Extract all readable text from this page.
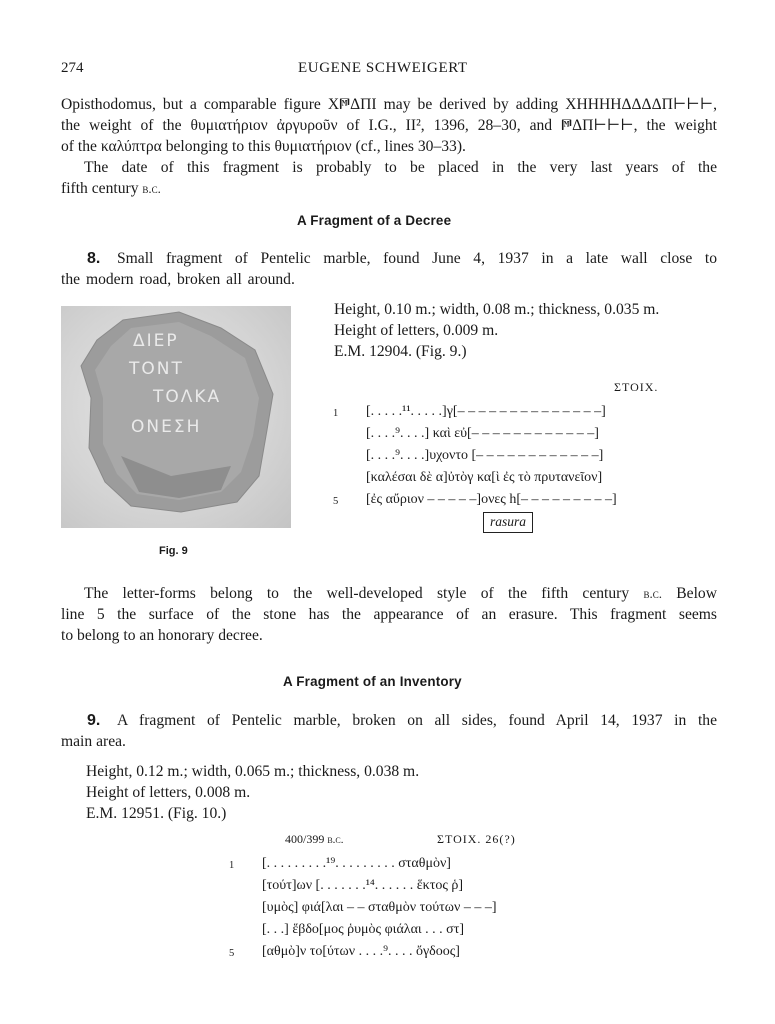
274	EUGENE SCHWEIGERT
Opisthodomus, but a comparable figure X𐅇ΔΠΙ may be derived by adding XHHHHΔΔΔΔΠ⊢⊢⊢,
the weight of the θυμιατήριον ἀργυροῦν of I.G., II², 1396, 28–30, and 𐅇ΔΠ⊢⊢⊢, the weight
of the καλύπτρα belonging to this θυμιατήριον (cf., lines 30–33).
The date of this fragment is probably to be placed in the very last years of the
fifth century b.c.
A Fragment of a Decree
8. Small fragment of Pentelic marble, found June 4, 1937 in a late wall close to
the modern road, broken all around.
ΔΙΕΡ
ΤΟΝΤ
ΤΟΛΚΑ
ΟΝΕΣΗ
Fig. 9
Height, 0.10 m.; width, 0.08 m.; thickness, 0.035 m.
Height of letters, 0.009 m.
E.M. 12904. (Fig. 9.)
ΣΤΟΙΧ.
1 [. . . . .¹¹. . . . .]γ[– – – – – – – – – – – – – –]
[. . . .⁹. . . .] καὶ εὐ[– – – – – – – – – – – –]
[. . . .⁹. . . .]υχοντο [– – – – – – – – – – – –]
[καλέσαι δὲ α]ὐτὸγ κα[ὶ ἐς τὸ πρυτανεῖον]
5 [ἐς αὔριον – – – – –]ονες h[– – – – – – – – –]
rasura
The letter-forms belong to the well-developed style of the fifth century b.c. Below
line 5 the surface of the stone has the appearance of an erasure. This fragment seems
to belong to an honorary decree.
A Fragment of an Inventory
9. A fragment of Pentelic marble, broken on all sides, found April 14, 1937 in the
main area.
Height, 0.12 m.; width, 0.065 m.; thickness, 0.038 m.
Height of letters, 0.008 m.
E.M. 12951. (Fig. 10.)
400/399 b.c.	ΣΤΟΙΧ. 26(?)
1 [. . . . . . . . .¹⁹. . . . . . . . . σταθμὸν]
[τούτ]ων [. . . . . . .¹⁴. . . . . . ἕκτος ῥ]
[υμὸς] φιά[λαι – – σταθμὸν τούτων – – –]
[. . .] ἕβδο[μος ῥυμὸς φιάλαι . . . στ]
5 [αθμὸ]ν το[ύτων . . . .⁹. . . . ὄγδοος]
